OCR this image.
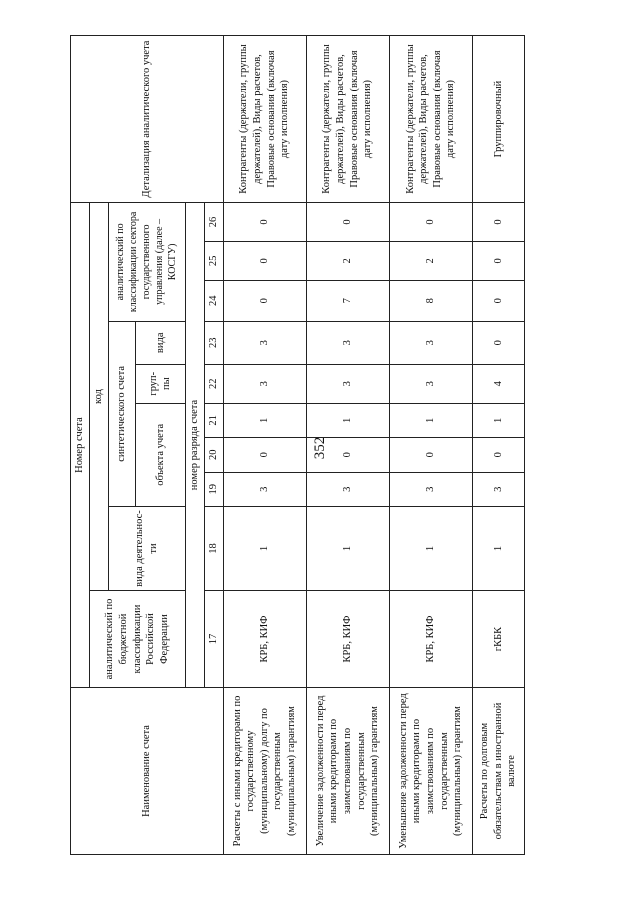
352
Наименование счета	Номер счета										Детализация аналитического учета
	аналитический по бюджетной классификации Российской Федерации	код									
		вида деятельнос-ти	синтетического счета					аналитический по классификации сектора государственного управления (далее – КОСГУ)			
			объекта учета			груп-пы	вида				
	номер разряда счета										
	17	18	19	20	21	22	23	24	25	26	
Расчеты с иными кредиторами по государственному (муниципальному) долгу по государственным (муниципальным) гарантиям	КРБ, КИФ	1	3	0	1	3	3	0	0	0	Контрагенты (держатели, группы держателей), Виды расчетов, Правовые основания (включая дату исполнения)
Увеличение задолженности перед иными кредиторами по заимствованиям по государственным (муниципальным) гарантиям	КРБ, КИФ	1	3	0	1	3	3	7	2	0	Контрагенты (держатели, группы держателей), Виды расчетов, Правовые основания (включая дату исполнения)
Уменьшение задолженности перед иными кредиторами по заимствованиям по государственным (муниципальным) гарантиям	КРБ, КИФ	1	3	0	1	3	3	8	2	0	Контрагенты (держатели, группы держателей), Виды расчетов, Правовые основания (включая дату исполнения)
Расчеты по долговым обязательствам в иностранной валюте	гКБК	1	3	0	1	4	0	0	0	0	Группировочный
